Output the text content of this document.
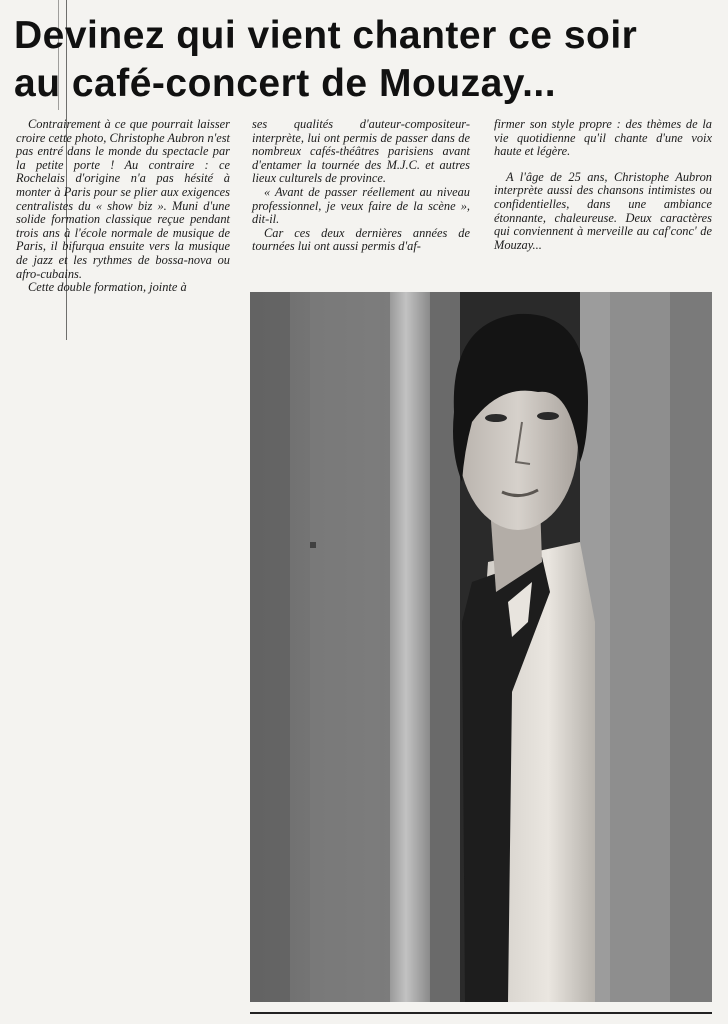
Devinez qui vient chanter ce soir
au café-concert de Mouzay...

Contrairement à ce que pourrait laisser croire cette photo, Christophe Aubron n'est pas entré dans le monde du spectacle par la petite porte ! Au contraire : ce Rochelais d'origine n'a pas hésité à monter à Paris pour se plier aux exigences centralistes du « show biz ». Muni d'une solide formation classique reçue pendant trois ans à l'école normale de musique de Paris, il bifurqua ensuite vers la musique de jazz et les rythmes de bossa-nova ou afro-cubains.

Cette double formation, jointe à

ses qualités d'auteur-compositeur-interprète, lui ont permis de passer dans de nombreux cafés-théâtres parisiens avant d'entamer la tournée des M.J.C. et autres lieux culturels de province.

« Avant de passer réellement au niveau professionnel, je veux faire de la scène », dit-il.

Car ces deux dernières années de tournées lui ont aussi permis d'af-

firmer son style propre : des thèmes de la vie quotidienne qu'il chante d'une voix haute et légère.

A l'âge de 25 ans, Christophe Aubron interprète aussi des chansons intimistes ou confidentielles, dans une ambiance étonnante, chaleureuse. Deux caractères qui conviennent à merveille au caf'conc' de Mouzay...
